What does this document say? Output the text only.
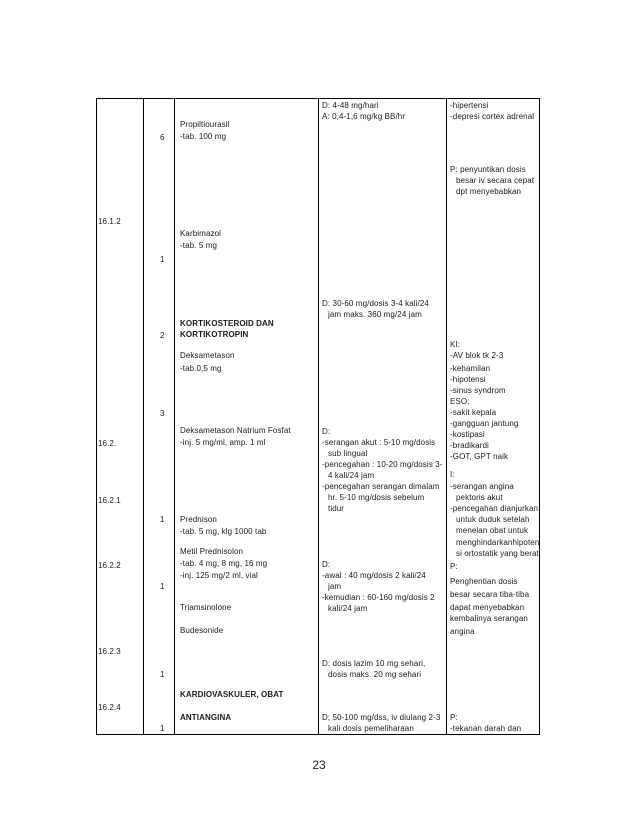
16.1.2
16.2.
16.2.1
16.2.2
16.2.3
16.2.4
6
1
2
3
1
1
1
1
Propiltiourasil
-tab. 100 mg
Karbimazol
-tab. 5 mg
KORTIKOSTEROID DAN
KORTIKOTROPIN
Deksametason
-tab.0,5 mg
Deksametason Natrium Fosfat
-inj. 5 mg/ml, amp. 1 ml
Prednison
-tab. 5 mg, klg 1000 tab
Metil Prednisolon
-tab. 4 mg, 8 mg, 16 mg
-inj. 125 mg/2 ml, vial
Triamsinolone
Budesonide
KARDIOVASKULER, OBAT
ANTIANGINA
D: 4-48 mg/hari
A: 0,4-1,6 mg/kg BB/hr
D: 30-60 mg/dosis 3-4 kali/24
jam maks. 360 mg/24 jam
D:
-serangan akut : 5-10 mg/dosis
sub lingual
-pencegahan : 10-20 mg/dosis 3-
4 kali/24 jam
-pencegahan serangan dimalam
hr. 5-10 mg/dosis sebelum
tidur
D:
-awal : 40 mg/dosis 2 kali/24
jam
-kemudian : 60-160 mg/dosis 2
kali/24 jam
D: dosis lazim 10 mg sehari,
dosis maks. 20 mg sehari
D; 50-100 mg/dss, iv diulang 2-3
kali dosis pemeliharaan
-hipertensi
-depresi cortex adrenal
P: penyuntikan dosis
besar iv secara cepat
dpt menyebabkan
KI:
-AV blok tk 2-3
-kehamilan
-hipotensi
-sinus syndrom
ESO:
-sakit kepala
-gangguan jantung
-kostipasi
-bradikardi
-GOT, GPT naik
I:
-serangan angina
pektoris akut
-pencegahan dianjurkan
untuk duduk setelah
menelan obat untuk
menghindarkanhipoten
si ortostatik yang berat
P:
Penghentian dosis
besar secara tiba-tiba
dapat menyebabkan
kembalinya serangan
angina
P:
-tekanan darah dan
23
